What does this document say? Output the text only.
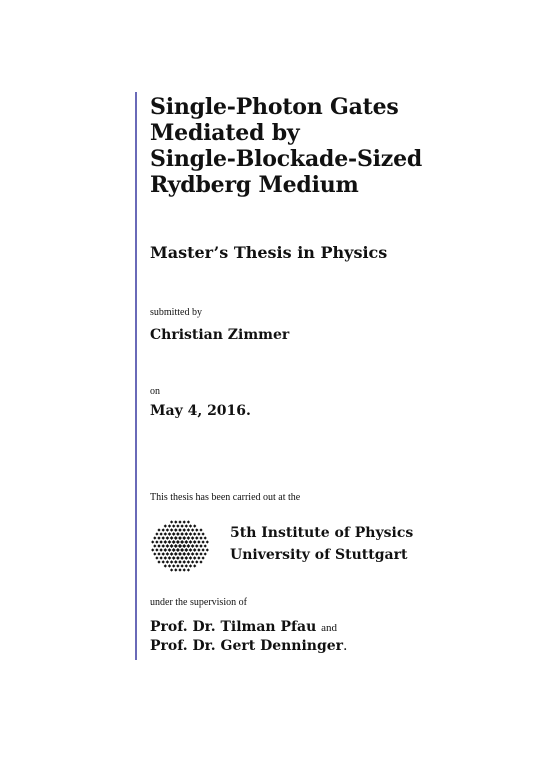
Single-Photon Gates
Mediated by
Single-Blockade-Sized
Rydberg Medium
Master’s Thesis in Physics
submitted by
Christian Zimmer
on
May 4, 2016.
This thesis has been carried out at the
5th Institute of Physics
University of Stuttgart
under the supervision of
Prof. Dr. Tilman Pfau and
Prof. Dr. Gert Denninger.
